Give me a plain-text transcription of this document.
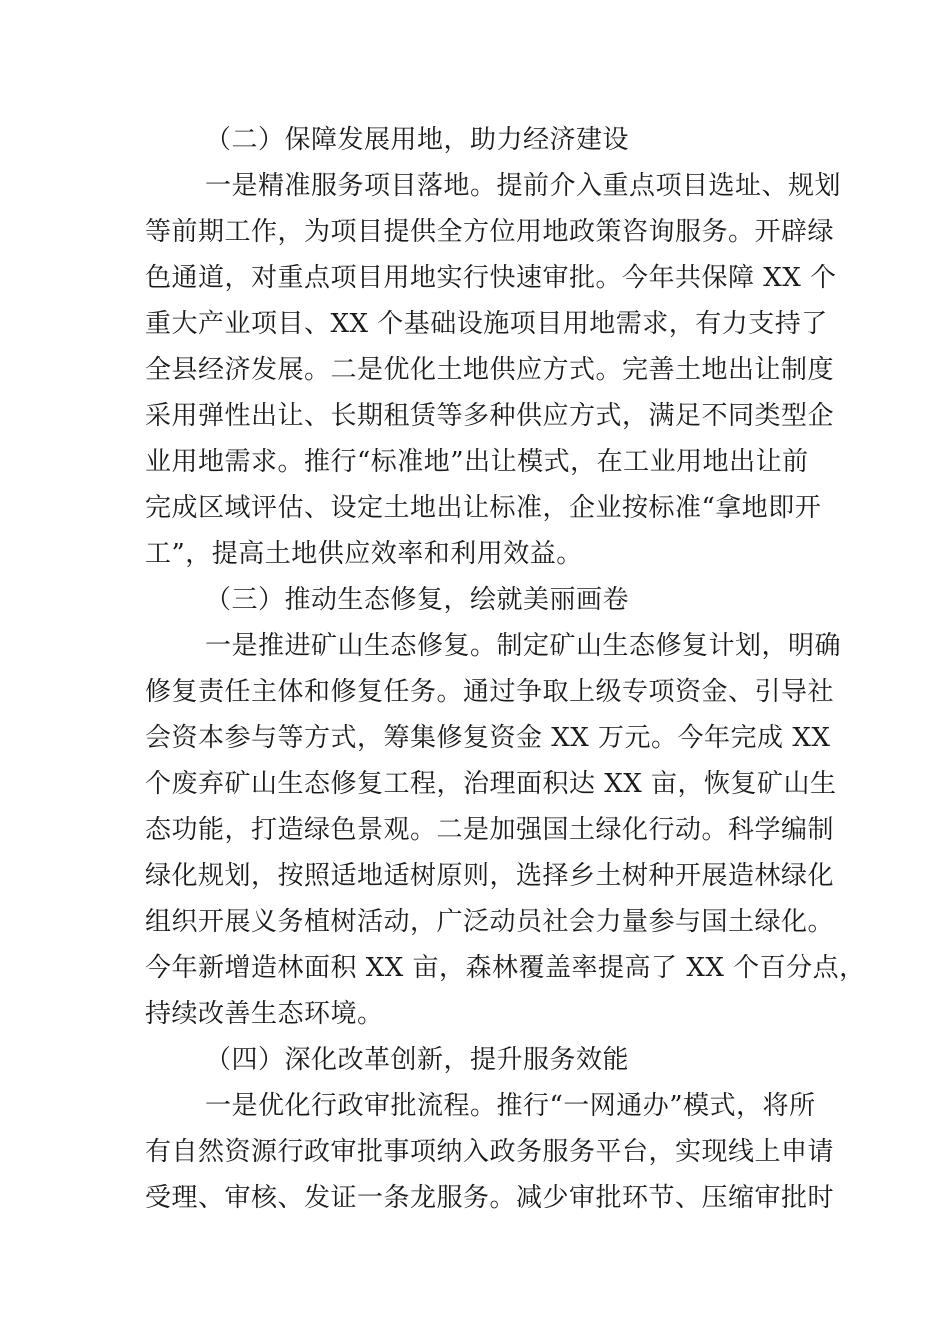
（二）保障发展用地，助力经济建设
一是精准服务项目落地。提前介入重点项目选址、规划
等前期工作，为项目提供全方位用地政策咨询服务。开辟绿
色通道，对重点项目用地实行快速审批。今年共保障 XX 个
重大产业项目、XX 个基础设施项目用地需求，有力支持了
全县经济发展。二是优化土地供应方式。完善土地出让制度
采用弹性出让、长期租赁等多种供应方式，满足不同类型企
业用地需求。推行“标准地”出让模式，在工业用地出让前
完成区域评估、设定土地出让标准，企业按标准“拿地即开
工”，提高土地供应效率和利用效益。
（三）推动生态修复，绘就美丽画卷
一是推进矿山生态修复。制定矿山生态修复计划，明确
修复责任主体和修复任务。通过争取上级专项资金、引导社
会资本参与等方式，筹集修复资金 XX 万元。今年完成 XX
个废弃矿山生态修复工程，治理面积达 XX 亩，恢复矿山生
态功能，打造绿色景观。二是加强国土绿化行动。科学编制
绿化规划，按照适地适树原则，选择乡土树种开展造林绿化
组织开展义务植树活动，广泛动员社会力量参与国土绿化。
今年新增造林面积 XX 亩，森林覆盖率提高了 XX 个百分点，
持续改善生态环境。
（四）深化改革创新，提升服务效能
一是优化行政审批流程。推行“一网通办”模式，将所
有自然资源行政审批事项纳入政务服务平台，实现线上申请
受理、审核、发证一条龙服务。减少审批环节、压缩审批时
